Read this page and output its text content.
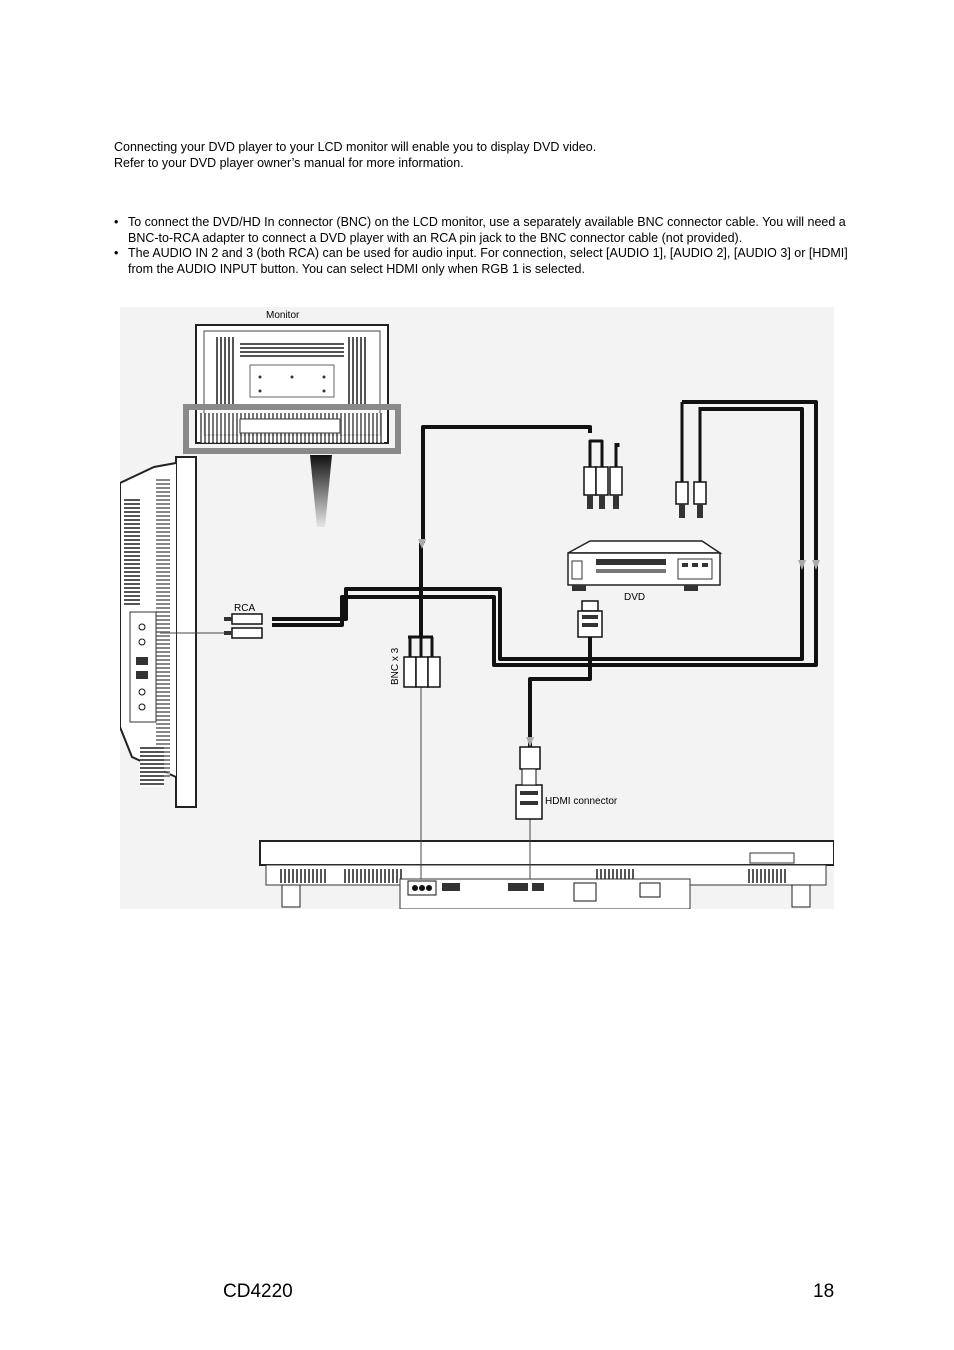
Connecting your DVD player to your LCD monitor will enable you to display DVD video.

Refer to your DVD player owner’s manual for more information.

• To connect the DVD/HD In connector (BNC) on the LCD monitor, use a separately available BNC connector cable. You will need a BNC-to-RCA adapter to connect a DVD player with an RCA pin jack to the BNC connector cable (not provided).
• The AUDIO IN 2 and 3 (both RCA) can be used for audio input. For connection, select [AUDIO 1], [AUDIO 2], [AUDIO 3] or [HDMI] from the AUDIO INPUT button. You can select HDMI only when RGB 1 is selected.
Monitor
DVD
RCA
BNC x 3
HDMI connector
CD4220	18
